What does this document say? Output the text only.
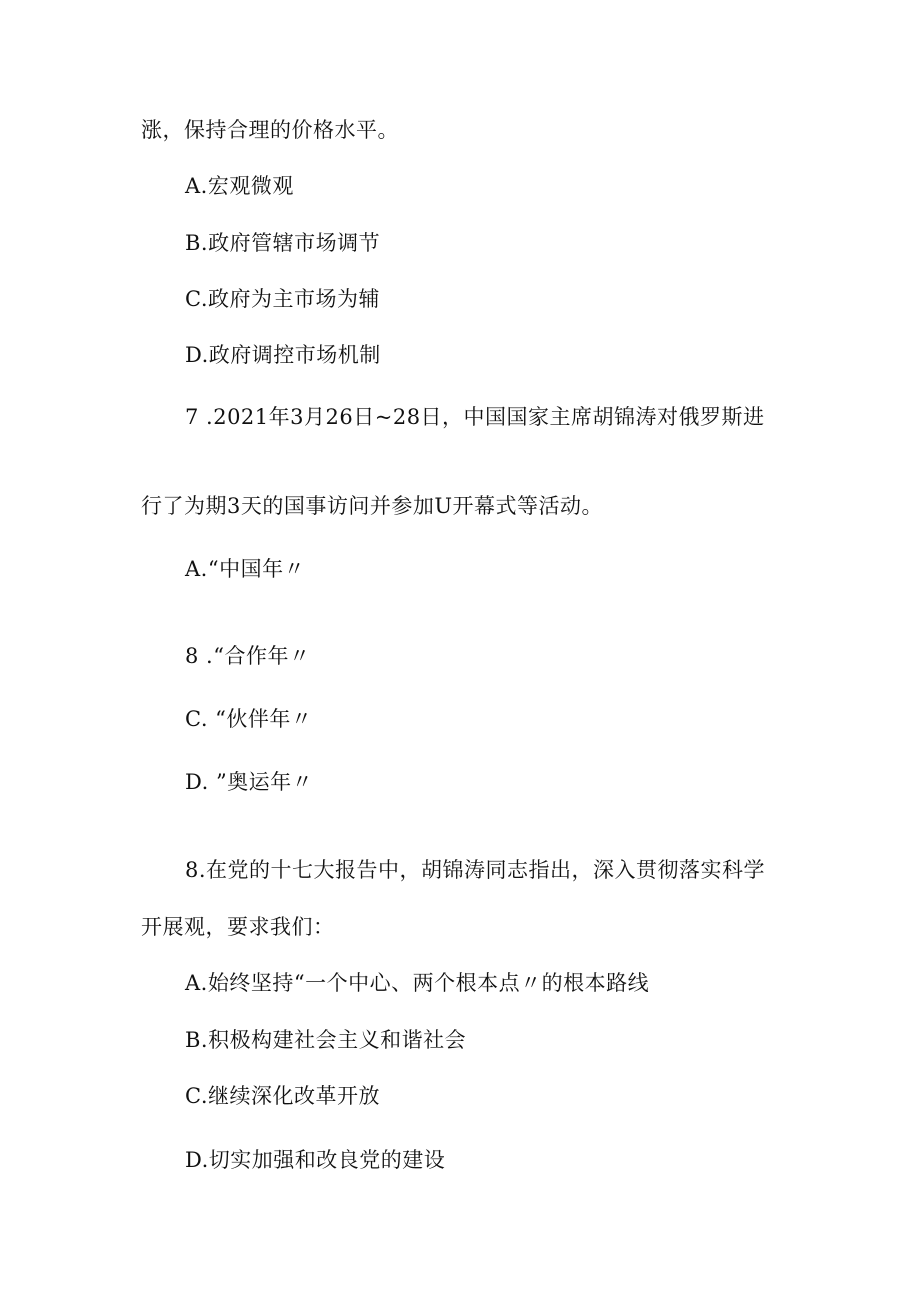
涨，保持合理的价格水平。
A.宏观微观
B.政府管辖市场调节
C.政府为主市场为辅
D.政府调控市场机制
7 .2021年3月26日~28日，中国国家主席胡锦涛对俄罗斯进
行了为期3天的国事访问并参加U开幕式等活动。
A.“中国年〃
8 .“合作年〃
C. “伙伴年〃
D. ”奥运年〃
8.在党的十七大报告中，胡锦涛同志指出，深入贯彻落实科学
开展观，要求我们：
A.始终坚持“一个中心、两个根本点〃的根本路线
B.积极构建社会主义和谐社会
C.继续深化改革开放
D.切实加强和改良党的建设
